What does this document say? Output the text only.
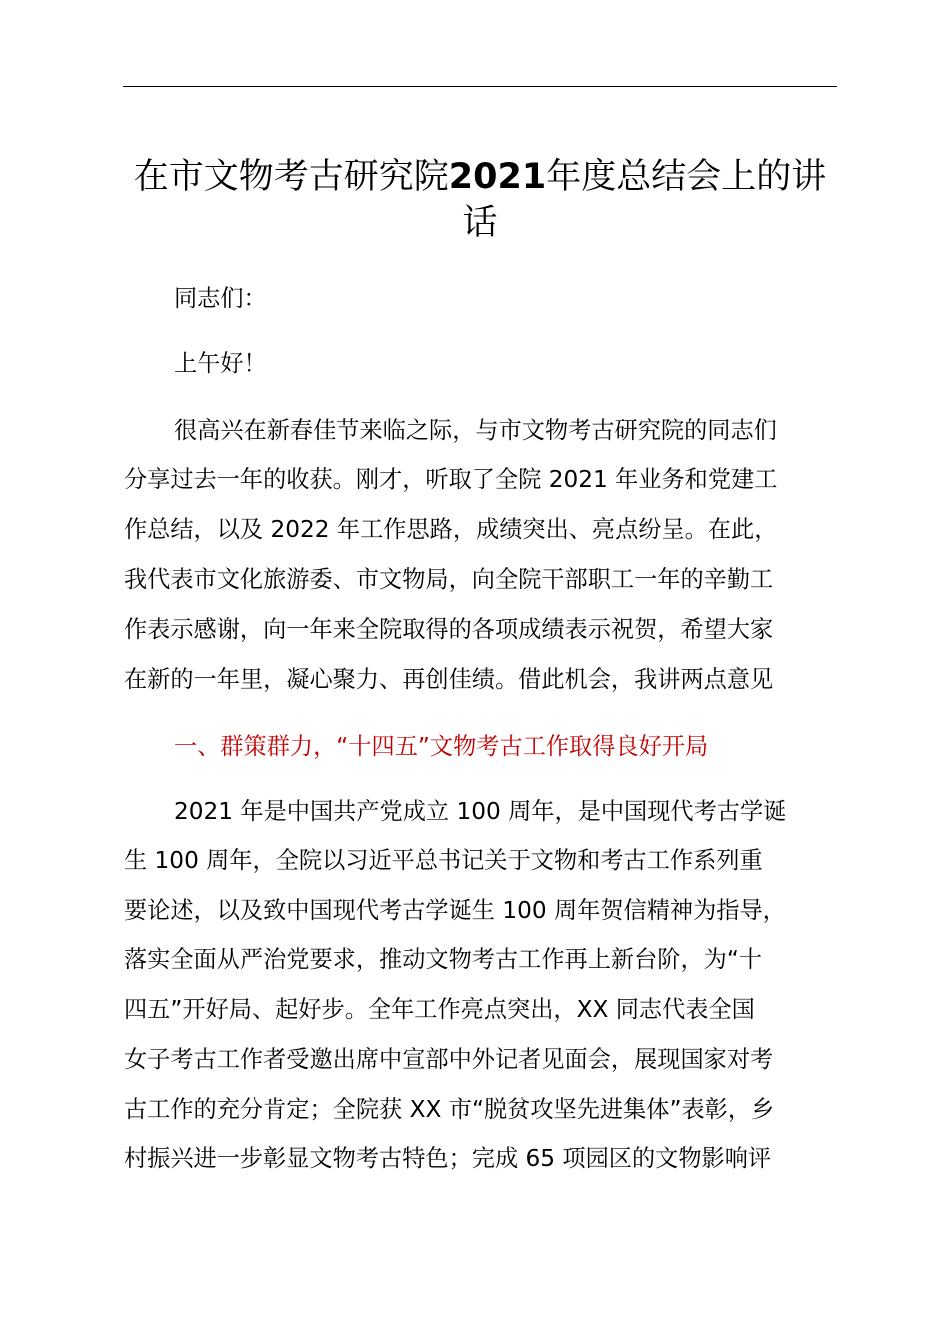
在市文物考古研究院2021年度总结会上的讲
话
同志们：
上午好！
很高兴在新春佳节来临之际，与市文物考古研究院的同志们
分享过去一年的收获。刚才，听取了全院 2021 年业务和党建工
作总结，以及 2022 年工作思路，成绩突出、亮点纷呈。在此，
我代表市文化旅游委、市文物局，向全院干部职工一年的辛勤工
作表示感谢，向一年来全院取得的各项成绩表示祝贺，希望大家
在新的一年里，凝心聚力、再创佳绩。借此机会，我讲两点意见
一、群策群力，“十四五”文物考古工作取得良好开局
2021 年是中国共产党成立 100 周年，是中国现代考古学诞
生 100 周年，全院以习近平总书记关于文物和考古工作系列重
要论述，以及致中国现代考古学诞生 100 周年贺信精神为指导，
落实全面从严治党要求，推动文物考古工作再上新台阶，为“十
四五”开好局、起好步。全年工作亮点突出，XX 同志代表全国
女子考古工作者受邀出席中宣部中外记者见面会，展现国家对考
古工作的充分肯定；全院获 XX 市“脱贫攻坚先进集体”表彰，乡
村振兴进一步彰显文物考古特色；完成 65 项园区的文物影响评
